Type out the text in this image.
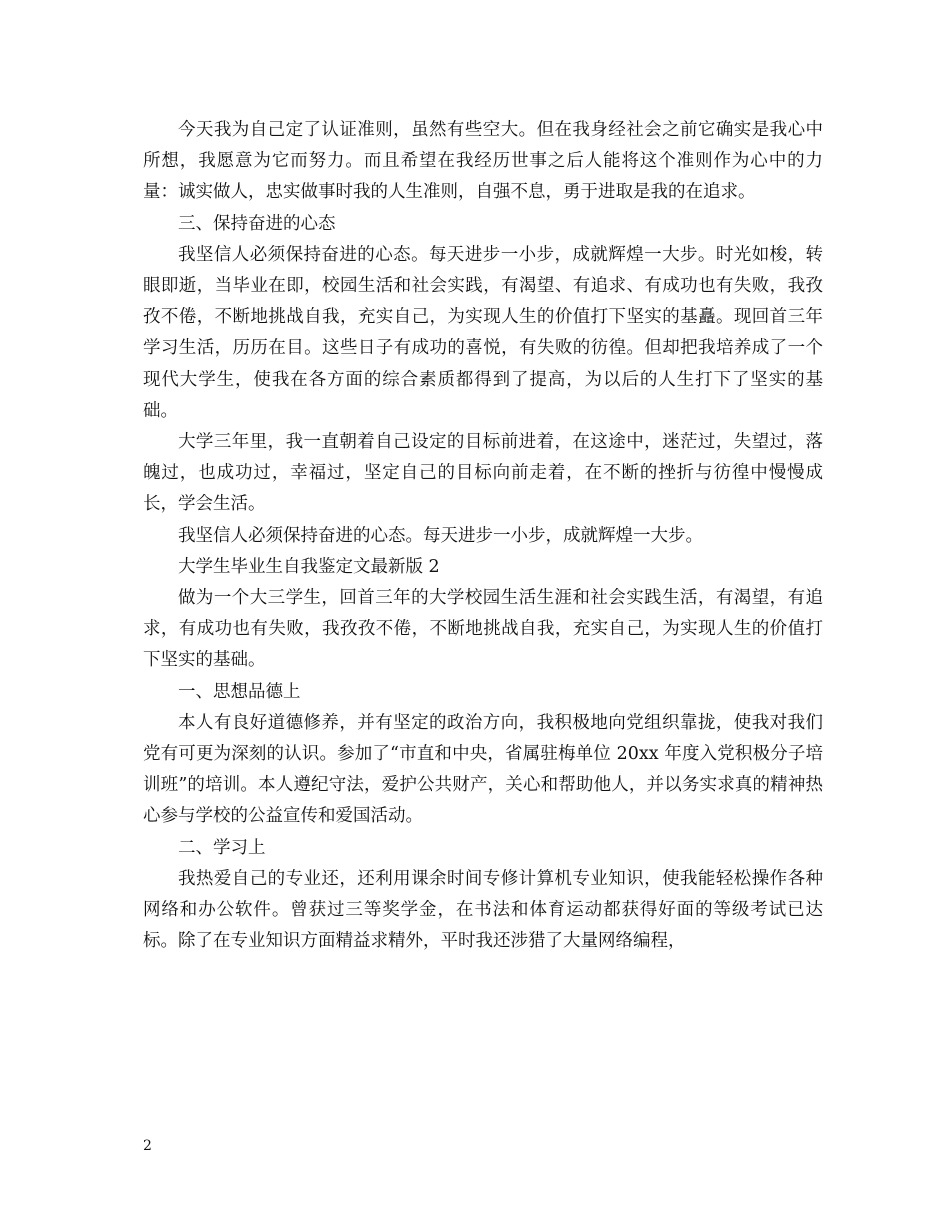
今天我为自己定了认证准则，虽然有些空大。但在我身经社会之前它确实是我心中所想，我愿意为它而努力。而且希望在我经历世事之后人能将这个准则作为心中的力量：诚实做人，忠实做事时我的人生准则，自强不息，勇于进取是我的在追求。

三、保持奋进的心态

我坚信人必须保持奋进的心态。每天进步一小步，成就辉煌一大步。时光如梭，转眼即逝，当毕业在即，校园生活和社会实践，有渴望、有追求、有成功也有失败，我孜孜不倦，不断地挑战自我，充实自己，为实现人生的价值打下坚实的基矗。现回首三年学习生活，历历在目。这些日子有成功的喜悦，有失败的彷徨。但却把我培养成了一个现代大学生，使我在各方面的综合素质都得到了提高，为以后的人生打下了坚实的基础。

大学三年里，我一直朝着自己设定的目标前进着，在这途中，迷茫过，失望过，落魄过，也成功过，幸福过，坚定自己的目标向前走着，在不断的挫折与彷徨中慢慢成长，学会生活。

我坚信人必须保持奋进的心态。每天进步一小步，成就辉煌一大步。

大学生毕业生自我鉴定文最新版 2

做为一个大三学生，回首三年的大学校园生活生涯和社会实践生活，有渴望，有追求，有成功也有失败，我孜孜不倦，不断地挑战自我，充实自己，为实现人生的价值打下坚实的基础。

一、思想品德上

本人有良好道德修养，并有坚定的政治方向，我积极地向党组织靠拢，使我对我们党有可更为深刻的认识。参加了“市直和中央，省属驻梅单位 20xx 年度入党积极分子培训班”的培训。本人遵纪守法，爱护公共财产，关心和帮助他人，并以务实求真的精神热心参与学校的公益宣传和爱国活动。

二、学习上

我热爱自己的专业还，还利用课余时间专修计算机专业知识，使我能轻松操作各种网络和办公软件。曾获过三等奖学金，在书法和体育运动都获得好面的等级考试已达标。除了在专业知识方面精益求精外，平时我还涉猎了大量网络编程，

2
